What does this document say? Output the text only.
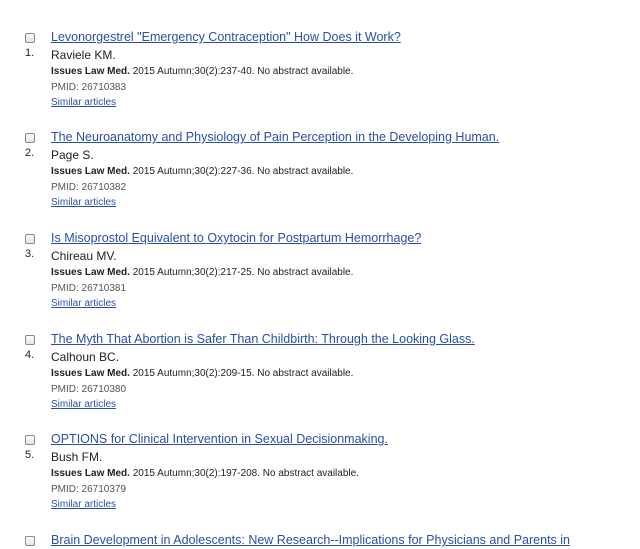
1.
Levonorgestrel "Emergency Contraception" How Does it Work?
Raviele KM.
Issues Law Med. 2015 Autumn;30(2):237-40. No abstract available.
PMID: 26710383
Similar articles
2.
The Neuroanatomy and Physiology of Pain Perception in the Developing Human.
Page S.
Issues Law Med. 2015 Autumn;30(2):227-36. No abstract available.
PMID: 26710382
Similar articles
3.
Is Misoprostol Equivalent to Oxytocin for Postpartum Hemorrhage?
Chireau MV.
Issues Law Med. 2015 Autumn;30(2):217-25. No abstract available.
PMID: 26710381
Similar articles
4.
The Myth That Abortion is Safer Than Childbirth: Through the Looking Glass.
Calhoun BC.
Issues Law Med. 2015 Autumn;30(2):209-15. No abstract available.
PMID: 26710380
Similar articles
5.
OPTIONS for Clinical Intervention in Sexual Decisionmaking.
Bush FM.
Issues Law Med. 2015 Autumn;30(2):197-208. No abstract available.
PMID: 26710379
Similar articles
Brain Development in Adolescents: New Research--Implications for Physicians and Parents in
